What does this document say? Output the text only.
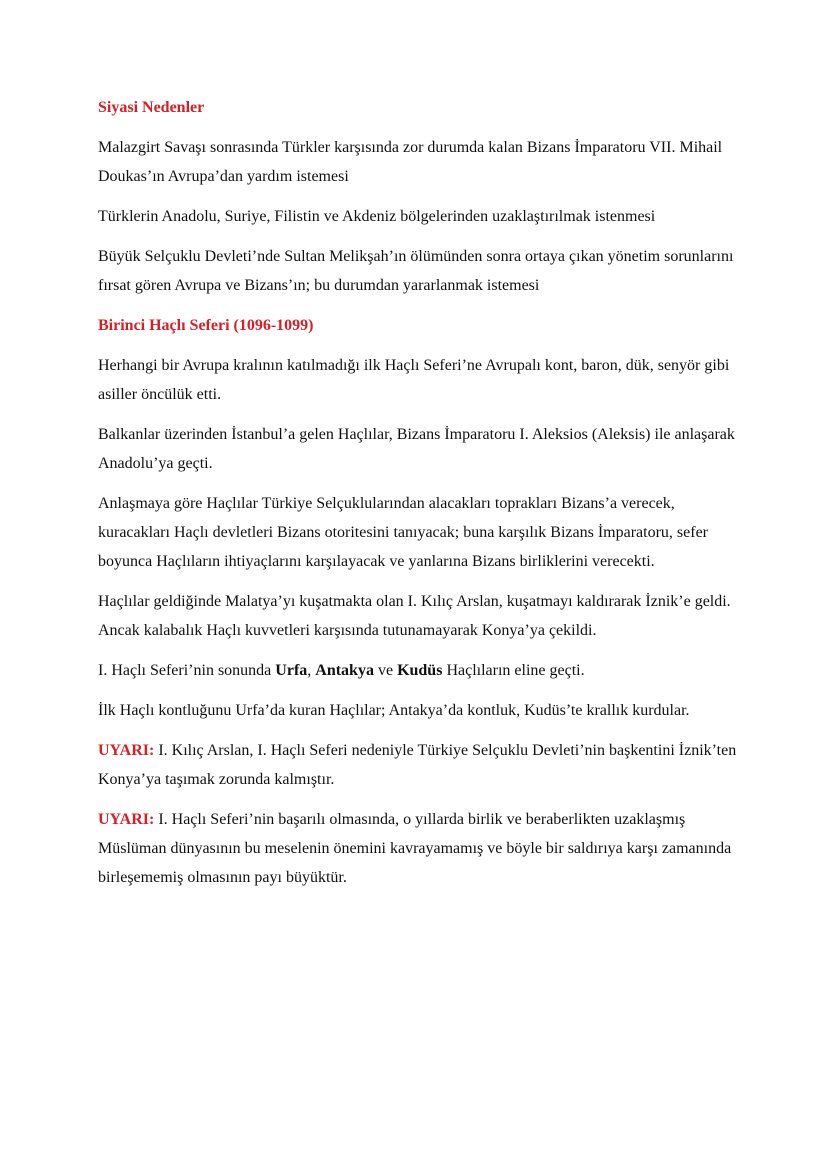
Siyasi Nedenler
Malazgirt Savaşı sonrasında Türkler karşısında zor durumda kalan Bizans İmparatoru VII. Mihail Doukas’ın Avrupa’dan yardım istemesi
Türklerin Anadolu, Suriye, Filistin ve Akdeniz bölgelerinden uzaklaştırılmak istenmesi
Büyük Selçuklu Devleti’nde Sultan Melikşah’ın ölümünden sonra ortaya çıkan yönetim sorunlarını fırsat gören Avrupa ve Bizans’ın; bu durumdan yararlanmak istemesi
Birinci Haçlı Seferi (1096-1099)
Herhangi bir Avrupa kralının katılmadığı ilk Haçlı Seferi’ne Avrupalı kont, baron, dük, senyör gibi asiller öncülük etti.
Balkanlar üzerinden İstanbul’a gelen Haçlılar, Bizans İmparatoru I. Aleksios (Aleksis) ile anlaşarak Anadolu’ya geçti.
Anlaşmaya göre Haçlılar Türkiye Selçuklularından alacakları toprakları Bizans’a verecek, kuracakları Haçlı devletleri Bizans otoritesini tanıyacak; buna karşılık Bizans İmparatoru, sefer boyunca Haçlıların ihtiyaçlarını karşılayacak ve yanlarına Bizans birliklerini verecekti.
Haçlılar geldiğinde Malatya’yı kuşatmakta olan I. Kılıç Arslan, kuşatmayı kaldırarak İznik’e geldi. Ancak kalabalık Haçlı kuvvetleri karşısında tutunamayarak Konya’ya çekildi.
I. Haçlı Seferi’nin sonunda Urfa, Antakya ve Kudüs Haçlıların eline geçti.
İlk Haçlı kontluğunu Urfa’da kuran Haçlılar; Antakya’da kontluk, Kudüs’te krallık kurdular.
UYARI: I. Kılıç Arslan, I. Haçlı Seferi nedeniyle Türkiye Selçuklu Devleti’nin başkentini İznik’ten Konya’ya taşımak zorunda kalmıştır.
UYARI: I. Haçlı Seferi’nin başarılı olmasında, o yıllarda birlik ve beraberlikten uzaklaşmış Müslüman dünyasının bu meselenin önemini kavrayamamış ve böyle bir saldırıya karşı zamanında birleşememiş olmasının payı büyüktür.
